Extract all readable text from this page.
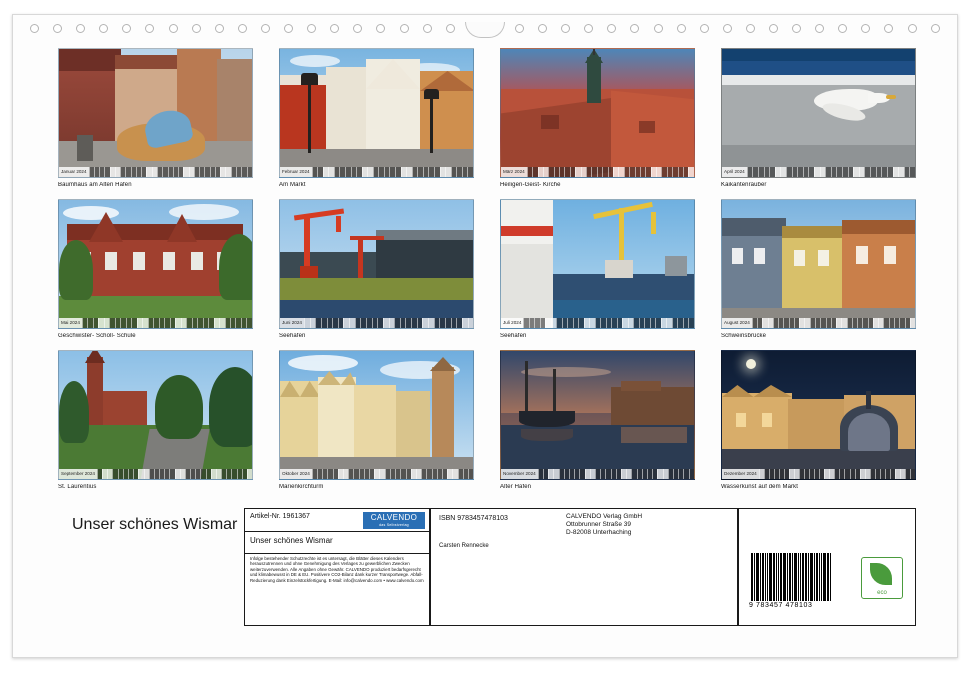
Januar 2024
Baumhaus am Alten Hafen
Februar 2024
Am Markt
März 2024
Heiligen-Geist- Kirche
April 2024
Kaikantenräuber
Mai 2024
Geschwister- Scholl- Schule
Juni 2024
Seehafen
Juli 2024
Seehafen
August 2024
Schweinsbrücke
September 2024
St. Laurentius
Oktober 2024
Marienkirchturm
November 2024
Alter Hafen
Dezember 2024
Wasserkunst auf dem Markt
Unser schönes Wismar Artikel-Nr. 1961367	CALVENDO
das Selbstverlag
Unser schönes Wismar
Infolge bestehender Schutzrechte ist es untersagt, die Blätter dieses Kalenders herauszutrennen und ohne Genehmigung des Verlages zu gewerblichen Zwecken weiterzuverwenden. Alle Angaben ohne Gewähr. CALVENDO produziert bedarfsgerecht und klimabewusst in DE & EU. Positivere CO2-Bilanz dank kurzer Transportwege. Abfall-Reduzierung dank Einzelstückfertigung. E-Mail: info@calvendo.com • www.calvendo.com
ISBN 9783457478103	CALVENDO Verlag GmbH
Ottobrunner Straße 39
D-82008 Unterhaching
Carsten Rennecke
9 783457 478103
eco
